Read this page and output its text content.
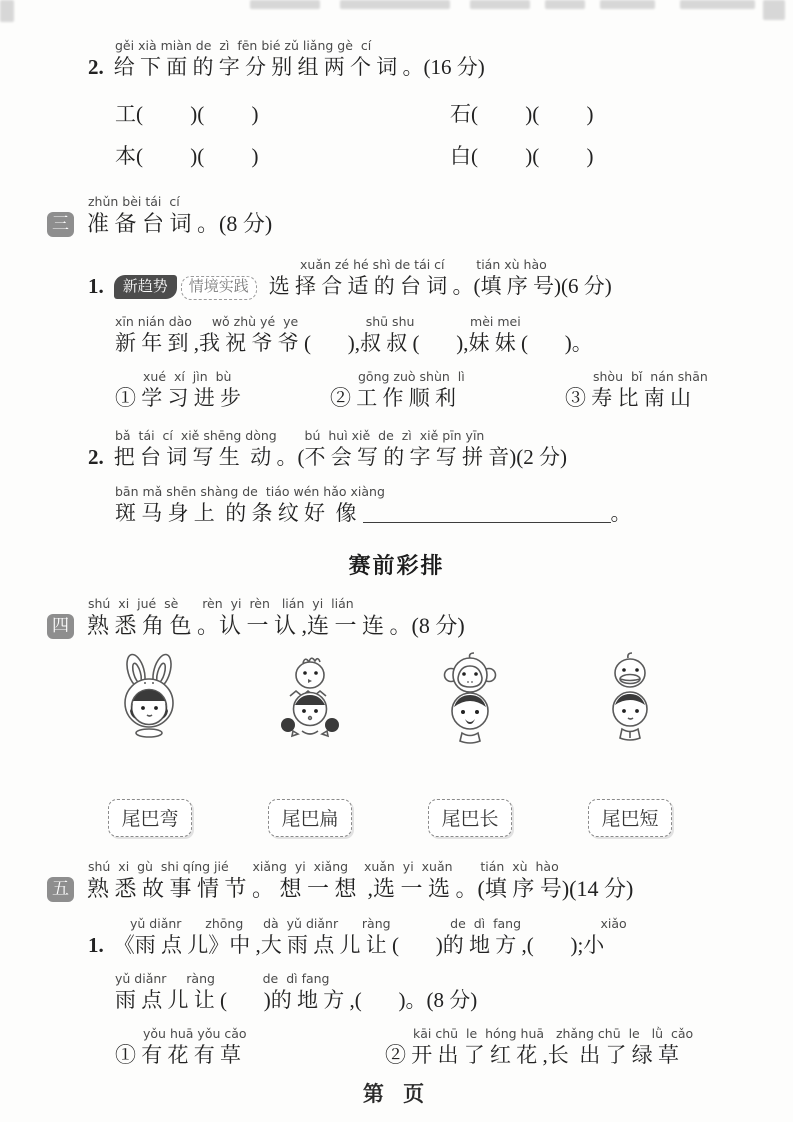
gěi xià miàn de  zì  fēn bié zǔ liǎng gè  cí
2. 给 下 面 的 字 分 别 组 两 个 词 。(16 分)
工(         )(         )	石(         )(         )
本(         )(         )	白(         )(         )
zhǔn bèi tái  cí
三 准 备 台 词 。(8 分)
xuǎn zé hé shì de tái cí        tián xù hào
1. 新趋势 情境实践 选 择 合 适 的 台 词 。(填 序 号)(6 分)
xīn nián dào     wǒ zhù yé  ye                 shū shu              mèi mei
新 年 到 ,我 祝 爷 爷 (       ),叔 叔 (       ),妹 妹 (       )。
xué  xí  jìn  bù
① 学 习 进 步
gōng zuò shùn  lì
② 工 作 顺 利
shòu  bǐ  nán shān
③ 寿 比 南 山
bǎ  tái  cí  xiě shēng dòng       bú  huì xiě  de  zì  xiě pīn yīn
2. 把 台 词 写 生  动 。(不 会 写 的 字 写 拼 音)(2 分)
bān mǎ shēn shàng de  tiáo wén hǎo xiàng
斑 马 身 上  的 条 纹 好  像	。
赛前彩排
shú  xi  jué  sè      rèn  yi  rèn   lián  yi  lián
四 熟 悉 角 色 。认 一 认 ,连 一 连 。(8 分)
尾巴弯	尾巴扁	尾巴长	尾巴短
shú  xi  gù  shi qíng jié      xiǎng  yi  xiǎng    xuǎn  yi  xuǎn       tián  xù  hào
五 熟 悉 故 事 情 节 。 想 一 想  ,选 一 选 。(填 序 号)(14 分)
yǔ diǎnr      zhōng     dà  yǔ diǎnr      ràng               de  dì  fang                    xiǎo
1. 《雨 点 儿》中 ,大 雨 点 儿 让 (       )的 地 方 ,(       );小
yǔ diǎnr     ràng            de  dì fang
雨 点 儿 让 (       )的 地 方 ,(       )。(8 分)
yǒu huā yǒu cǎo
① 有 花 有 草
kāi chū  le  hóng huā   zhǎng chū  le   lǜ  cǎo
② 开 出 了 红 花 ,长  出 了 绿 草
第 页
